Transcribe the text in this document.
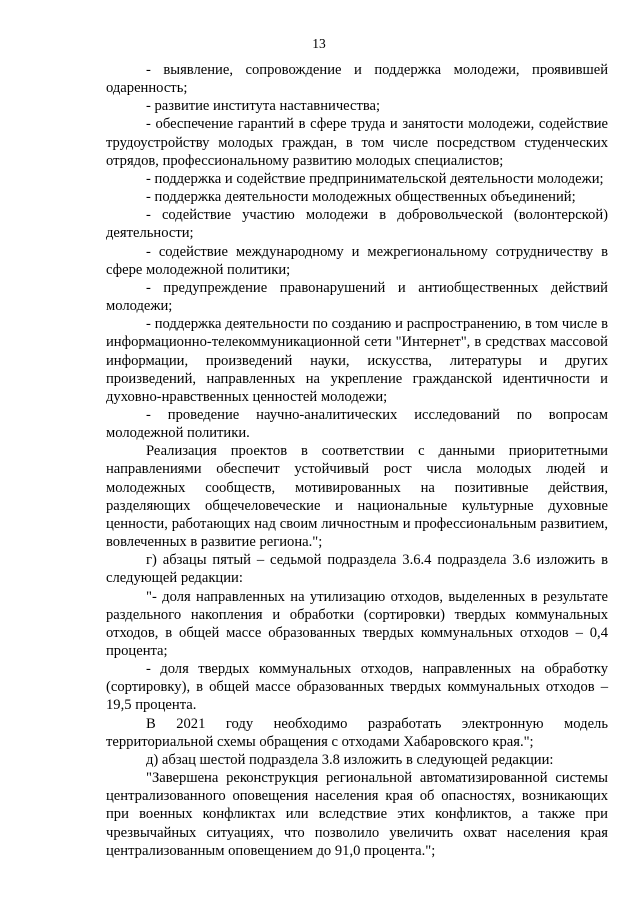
13

- выявление, сопровождение и поддержка молодежи, проявившей одаренность;

- развитие института наставничества;

- обеспечение гарантий в сфере труда и занятости молодежи, содействие трудоустройству молодых граждан, в том числе посредством студенческих отрядов, профессиональному развитию молодых специалистов;

- поддержка и содействие предпринимательской деятельности молодежи;

- поддержка деятельности молодежных общественных объединений;

- содействие участию молодежи в добровольческой (волонтерской) деятельности;

- содействие международному и межрегиональному сотрудничеству в сфере молодежной политики;

- предупреждение правонарушений и антиобщественных действий молодежи;

- поддержка деятельности по созданию и распространению, в том числе в информационно-телекоммуникационной сети "Интернет", в средствах массовой информации, произведений науки, искусства, литературы и других произведений, направленных на укрепление гражданской идентичности и духовно-нравственных ценностей молодежи;

- проведение научно-аналитических исследований по вопросам молодежной политики.

Реализация проектов в соответствии с данными приоритетными направлениями обеспечит устойчивый рост числа молодых людей и молодежных сообществ, мотивированных на позитивные действия, разделяющих общечеловеческие и национальные культурные духовные ценности, работающих над своим личностным и профессиональным развитием, вовлеченных в развитие региона.";

г) абзацы пятый – седьмой подраздела 3.6.4 подраздела 3.6 изложить в следующей редакции:

"- доля направленных на утилизацию отходов, выделенных в результате раздельного накопления и обработки (сортировки) твердых коммунальных отходов, в общей массе образованных твердых коммунальных отходов – 0,4 процента;

- доля твердых коммунальных отходов, направленных на обработку (сортировку), в общей массе образованных твердых коммунальных отходов – 19,5 процента.

В 2021 году необходимо разработать электронную модель территориальной схемы обращения с отходами Хабаровского края.";

д) абзац шестой подраздела 3.8 изложить в следующей редакции:

"Завершена реконструкция региональной автоматизированной системы централизованного оповещения населения края об опасностях, возникающих при военных конфликтах или вследствие этих конфликтов, а также при чрезвычайных ситуациях, что позволило увеличить охват населения края централизованным оповещением до 91,0 процента.";
